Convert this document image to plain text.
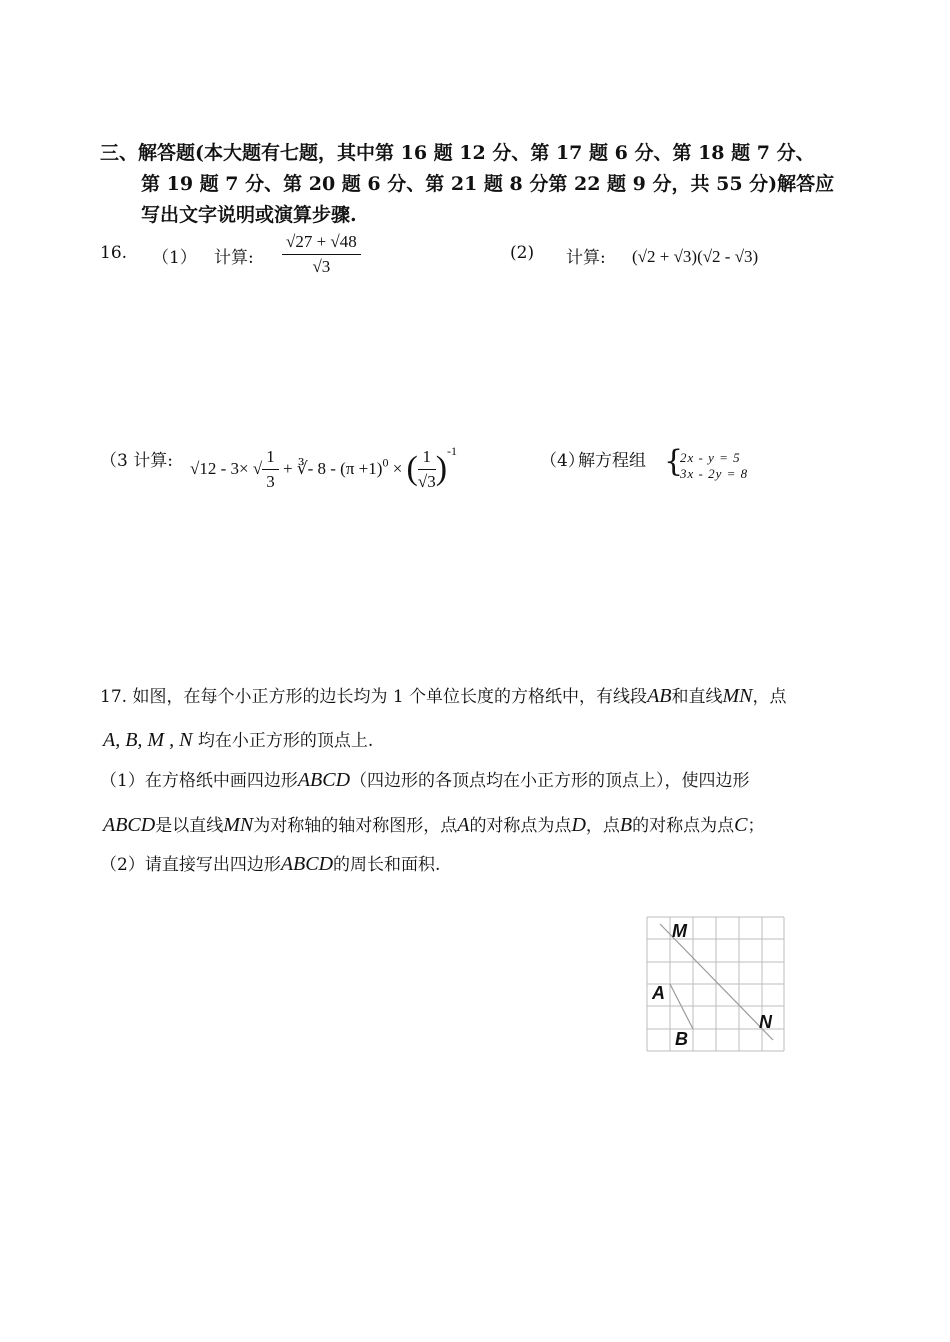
三、解答题(本大题有七题，其中第 16 题 12 分、第 17 题 6 分、第 18 题 7 分、
第 19 题 7 分、第 20 题 6 分、第 21 题 8 分第 22 题 9 分，共 55 分)解答应
写出文字说明或演算步骤.
16. （1） 计算: $\frac{√27 + √48}{√3}$	(2) 计算: (√2 + √3)(√2 - √3)
（3 计算: √12 - 3× √ $\frac{1}{3}$ + ∛- $8 - (\pi +1)^0$ × ( $\frac{1}{√3} )^{-1}$	（4）
解方程组 {
2x - y = 5
3x - 2y = 8
17. 如图，在每个小正方形的边长均为 1 个单位长度的方格纸中，有线段AB和直线MN，点
A, B, M , N 均在小正方形的顶点上.
（1）在方格纸中画四边形ABCD（四边形的各顶点均在小正方形的顶点上），使四边形
ABCD是以直线MN为对称轴的轴对称图形，点A的对称点为点D，点B的对称点为点C；
（2）请直接写出四边形ABCD的周长和面积.
M
A
N
B
